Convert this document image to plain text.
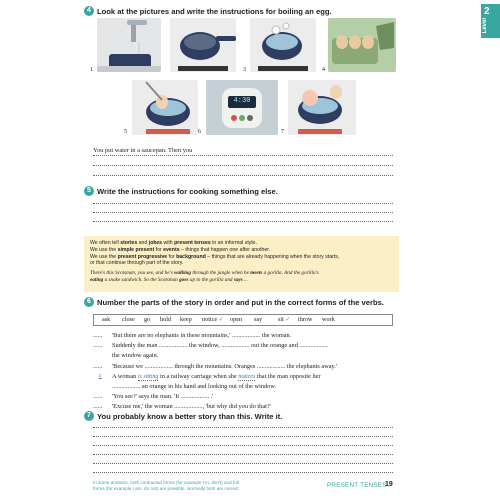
2
Level
4 Look at the pictures and write the instructions for boiling an egg.
1	3	4
5
4:30
6	7
You put water in a saucepan. Then you
5 Write the instructions for cooking something else.

We often tell stories and jokes with present tenses in an informal style.

We use the simple present for events – things that happen one after another.

We use the present progressive for background – things that are already happening when the story starts,

or that continue through part of the story.

There's this Scotsman, you see, and he's walking through the jungle when he meets a gorilla. And the gorilla's

eating a snake sandwich. So the Scotsman goes up to the gorilla and says ...

6 Number the parts of the story in order and put in the correct forms of the verbs.
ask close go hold keep notice ✓ open say	sit ✓ throw work
...... 'But there are no elephants in these mountains,' .................. the woman.
...... Suddenly the man .................. the window, .................. out the orange and ..................
the window again.
...... 'Because we .................. through the mountains. Oranges .................. the elephants away.'
c A woman is sitting in a railway carriage when she notices that the man opposite her
.................. an orange in his hand and looking out of the window.
...... 'You see?' says the man. 'It .................. .'
...... 'Excuse me,' the woman .................., 'but why did you do that?'
7 You probably know a better story than this. Write it.
In some answers, both contracted forms (for example I'm, don't) and full
forms (for example I am, do not) are possible. Normally both are correct.	PRESENT TENSES
19
